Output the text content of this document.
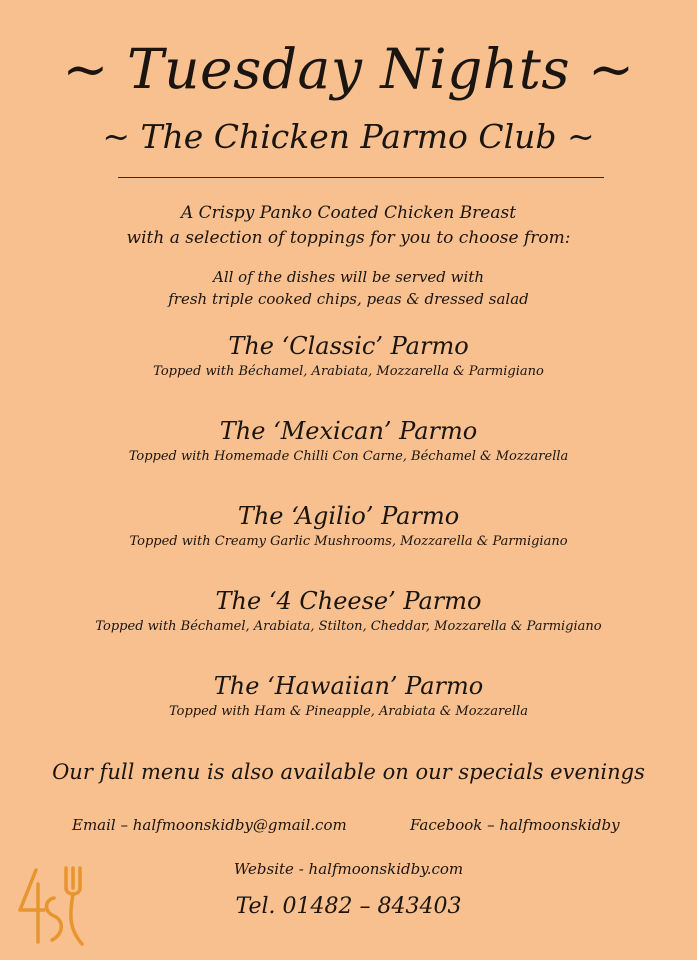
~ Tuesday Nights ~
~ The Chicken Parmo Club ~
A Crispy Panko Coated Chicken Breast
with a selection of toppings for you to choose from:
All of the dishes will be served with
fresh triple cooked chips, peas & dressed salad
The ‘Classic’ Parmo
Topped with Béchamel, Arabiata, Mozzarella & Parmigiano
The ‘Mexican’ Parmo
Topped with Homemade Chilli Con Carne, Béchamel & Mozzarella
The ‘Agilio’ Parmo
Topped with Creamy Garlic Mushrooms, Mozzarella & Parmigiano
The ‘4 Cheese’ Parmo
Topped with Béchamel, Arabiata, Stilton, Cheddar, Mozzarella & Parmigiano
The ‘Hawaiian’ Parmo
Topped with Ham & Pineapple, Arabiata & Mozzarella
Our full menu is also available on our specials evenings
Email – halfmoonskidby@gmail.com	Facebook – halfmoonskidby
Website - halfmoonskidby.com
Tel. 01482 – 843403
